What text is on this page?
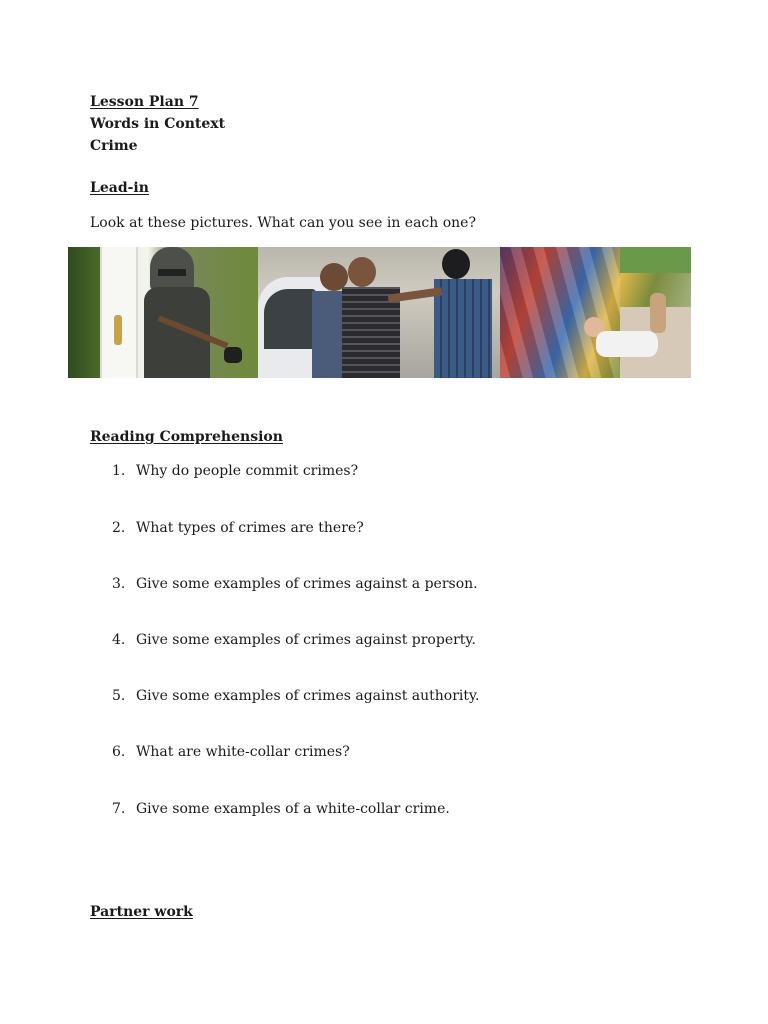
Lesson Plan 7
Words in Context
Crime
Lead-in
Look at these pictures. What can you see in each one?
Reading Comprehension
1. Why do people commit crimes?
2. What types of crimes are there?
3. Give some examples of crimes against a person.
4. Give some examples of crimes against property.
5. Give some examples of crimes against authority.
6. What are white-collar crimes?
7. Give some examples of a white-collar crime.
Partner work
